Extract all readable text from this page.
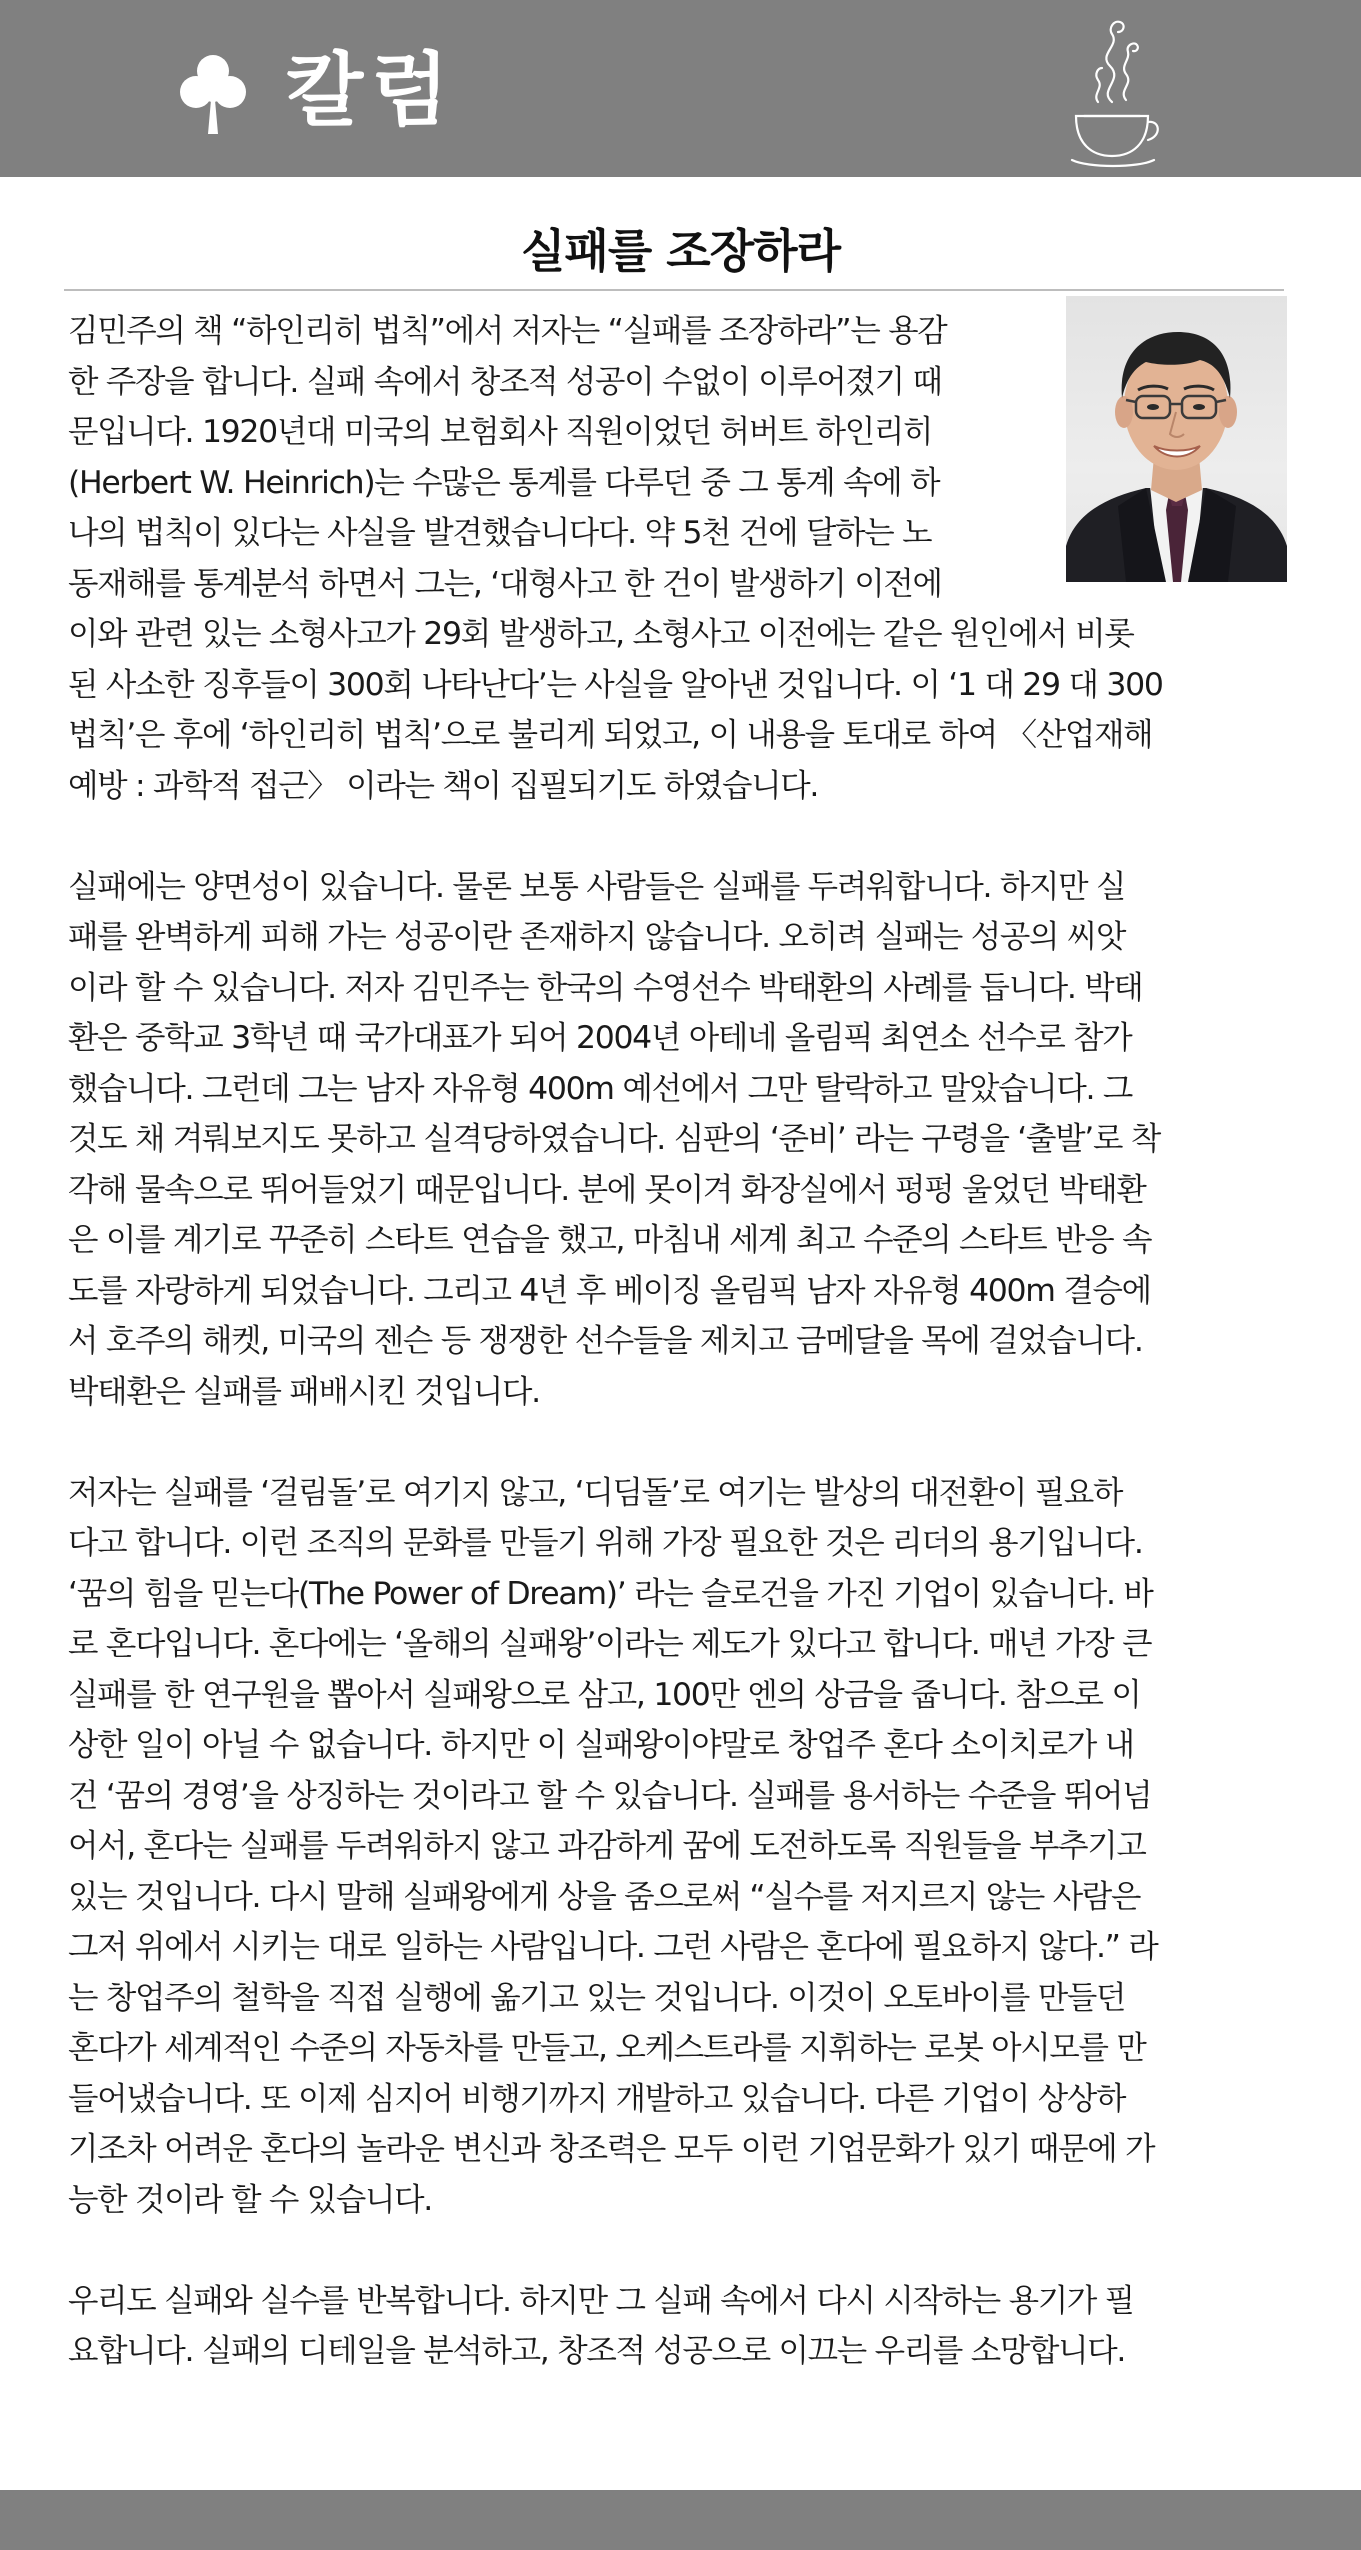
칼럼
실패를 조장하라
김민주의 책 “하인리히 법칙”에서 저자는 “실패를 조장하라”는 용감
한 주장을 합니다. 실패 속에서 창조적 성공이 수없이 이루어졌기 때
문입니다. 1920년대 미국의 보험회사 직원이었던 허버트 하인리히
(Herbert W. Heinrich)는 수많은 통계를 다루던 중 그 통계 속에 하
나의 법칙이 있다는 사실을 발견했습니다다. 약 5천 건에 달하는 노
동재해를 통계분석 하면서 그는, ‘대형사고 한 건이 발생하기 이전에
이와 관련 있는 소형사고가 29회 발생하고, 소형사고 이전에는 같은 원인에서 비롯
된 사소한 징후들이 300회 나타난다’는 사실을 알아낸 것입니다. 이 ‘1 대 29 대 300
법칙’은 후에 ‘하인리히 법칙’으로 불리게 되었고, 이 내용을 토대로 하여 〈산업재해
예방 : 과학적 접근〉 이라는 책이 집필되기도 하였습니다.
실패에는 양면성이 있습니다. 물론 보통 사람들은 실패를 두려워합니다. 하지만 실
패를 완벽하게 피해 가는 성공이란 존재하지 않습니다. 오히려 실패는 성공의 씨앗
이라 할 수 있습니다. 저자 김민주는 한국의 수영선수 박태환의 사례를 듭니다. 박태
환은 중학교 3학년 때 국가대표가 되어 2004년 아테네 올림픽 최연소 선수로 참가
했습니다. 그런데 그는 남자 자유형 400m 예선에서 그만 탈락하고 말았습니다. 그
것도 채 겨뤄보지도 못하고 실격당하였습니다. 심판의 ‘준비’ 라는 구령을 ‘출발’로 착
각해 물속으로 뛰어들었기 때문입니다. 분에 못이겨 화장실에서 펑펑 울었던 박태환
은 이를 계기로 꾸준히 스타트 연습을 했고, 마침내 세계 최고 수준의 스타트 반응 속
도를 자랑하게 되었습니다. 그리고 4년 후 베이징 올림픽 남자 자유형 400m 결승에
서 호주의 해켓, 미국의 젠슨 등 쟁쟁한 선수들을 제치고 금메달을 목에 걸었습니다.
박태환은 실패를 패배시킨 것입니다.
저자는 실패를 ‘걸림돌’로 여기지 않고, ‘디딤돌’로 여기는 발상의 대전환이 필요하
다고 합니다. 이런 조직의 문화를 만들기 위해 가장 필요한 것은 리더의 용기입니다.
‘꿈의 힘을 믿는다(The Power of Dream)’ 라는 슬로건을 가진 기업이 있습니다. 바
로 혼다입니다. 혼다에는 ‘올해의 실패왕’이라는 제도가 있다고 합니다. 매년 가장 큰
실패를 한 연구원을 뽑아서 실패왕으로 삼고, 100만 엔의 상금을 줍니다. 참으로 이
상한 일이 아닐 수 없습니다. 하지만 이 실패왕이야말로 창업주 혼다 소이치로가 내
건 ‘꿈의 경영’을 상징하는 것이라고 할 수 있습니다. 실패를 용서하는 수준을 뛰어넘
어서, 혼다는 실패를 두려워하지 않고 과감하게 꿈에 도전하도록 직원들을 부추기고
있는 것입니다. 다시 말해 실패왕에게 상을 줌으로써 “실수를 저지르지 않는 사람은
그저 위에서 시키는 대로 일하는 사람입니다. 그런 사람은 혼다에 필요하지 않다.” 라
는 창업주의 철학을 직접 실행에 옮기고 있는 것입니다. 이것이 오토바이를 만들던
혼다가 세계적인 수준의 자동차를 만들고, 오케스트라를 지휘하는 로봇 아시모를 만
들어냈습니다. 또 이제 심지어 비행기까지 개발하고 있습니다. 다른 기업이 상상하
기조차 어려운 혼다의 놀라운 변신과 창조력은 모두 이런 기업문화가 있기 때문에 가
능한 것이라 할 수 있습니다.
우리도 실패와 실수를 반복합니다. 하지만 그 실패 속에서 다시 시작하는 용기가 필
요합니다. 실패의 디테일을 분석하고, 창조적 성공으로 이끄는 우리를 소망합니다.
